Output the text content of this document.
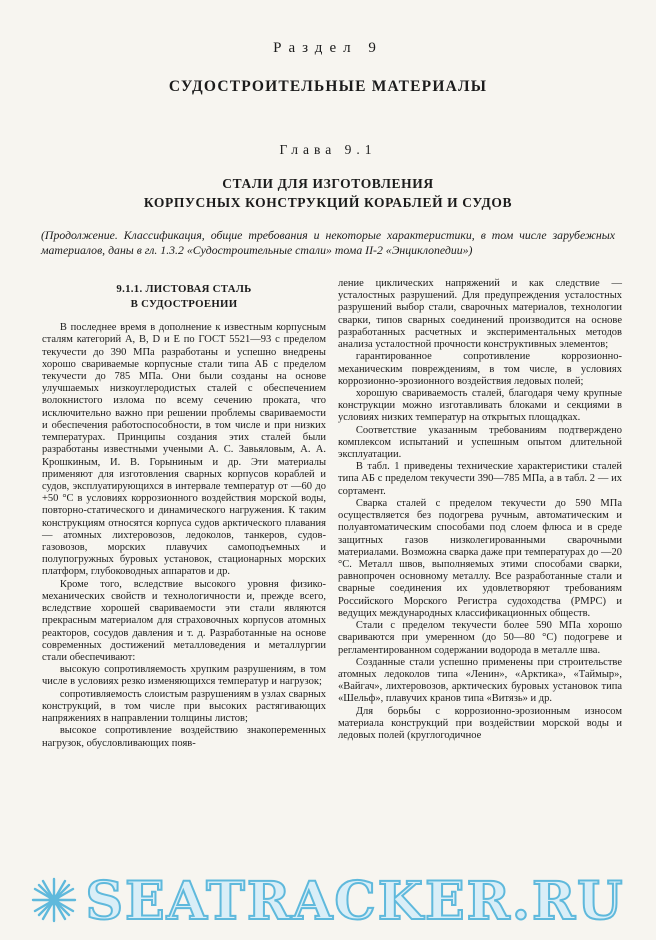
Раздел 9
СУДОСТРОИТЕЛЬНЫЕ МАТЕРИАЛЫ
Глава 9.1
СТАЛИ ДЛЯ ИЗГОТОВЛЕНИЯ
КОРПУСНЫХ КОНСТРУКЦИЙ КОРАБЛЕЙ И СУДОВ

(Продолжение. Классификация, общие требования и некоторые характеристики, в том числе зарубежных материалов, даны в гл. 1.3.2 «Судостроительные стали» тома II-2 «Энциклопедии»)

9.1.1. ЛИСТОВАЯ СТАЛЬ
В СУДОСТРОЕНИИ

В последнее время в дополнение к известным корпусным сталям категорий А, В, D и Е по ГОСТ 5521—93 с пределом текучести до 390 МПа разработаны и успешно внедрены хорошо свариваемые корпусные стали типа АБ с пределом текучести до 785 МПа. Они были созданы на основе улучшаемых низкоуглеродистых сталей с обеспечением волокнистого излома по всему сечению проката, что исключительно важно при решении проблемы свариваемости и обеспечения работоспособности, в том числе и при низких температурах. Принципы создания этих сталей были разработаны известными учеными А. С. Завьяловым, А. А. Крошкиным, И. В. Горыниным и др. Эти материалы применяют для изготовления сварных корпусов кораблей и судов, эксплуатирующихся в интервале температур от —60 до +50 °С в условиях коррозионного воздействия морской воды, повторно-статического и динамического нагружения. К таким конструкциям относятся корпуса судов арктического плавания — атомных лихтеровозов, ледоколов, танкеров, судов-газовозов, морских плавучих самоподъемных и полупогружных буровых установок, стационарных морских платформ, глубоководных аппаратов и др.

Кроме того, вследствие высокого уровня физико-механических свойств и технологичности и, прежде всего, вследствие хорошей свариваемости эти стали являются прекрасным материалом для страховочных корпусов атомных реакторов, сосудов давления и т. д. Разработанные на основе современных достижений металловедения и металлургии стали обеспечивают:

высокую сопротивляемость хрупким разрушениям, в том числе в условиях резко изменяющихся температур и нагрузок;

сопротивляемость слоистым разрушениям в узлах сварных конструкций, в том числе при высоких растягивающих напряжениях в направлении толщины листов;

высокое сопротивление воздействию знакопеременных нагрузок, обусловливающих появ-

ление циклических напряжений и как следствие — усталостных разрушений. Для предупреждения усталостных разрушений выбор стали, сварочных материалов, технологии сварки, типов сварных соединений производится на основе разработанных расчетных и экспериментальных методов анализа усталостной прочности конструктивных элементов;

гарантированное сопротивление коррозионно-механическим повреждениям, в том числе, в условиях коррозионно-эрозионного воздействия ледовых полей;

хорошую свариваемость сталей, благодаря чему крупные конструкции можно изготавливать блоками и секциями в условиях низких температур на открытых площадках.

Соответствие указанным требованиям подтверждено комплексом испытаний и успешным опытом длительной эксплуатации.

В табл. 1 приведены технические характеристики сталей типа АБ с пределом текучести 390—785 МПа, а в табл. 2 — их сортамент.

Сварка сталей с пределом текучести до 590 МПа осуществляется без подогрева ручным, автоматическим и полуавтоматическим способами под слоем флюса и в среде защитных газов низколегированными сварочными материалами. Возможна сварка даже при температурах до —20 °С. Металл швов, выполняемых этими способами сварки, равнопрочен основному металлу. Все разработанные стали и сварные соединения их удовлетворяют требованиям Российского Морского Регистра судоходства (РМРС) и ведущих международных классификационных обществ.

Стали с пределом текучести более 590 МПа хорошо свариваются при умеренном (до 50—80 °С) подогреве и регламентированном содержании водорода в металле шва.

Созданные стали успешно применены при строительстве атомных ледоколов типа «Ленин», «Арктика», «Таймыр», «Вайгач», лихтеровозов, арктических буровых установок типа «Шельф», плавучих кранов типа «Витязь» и др.

Для борьбы с коррозионно-эрозионным износом материала конструкций при воздействии морской воды и ледовых полей (круглогодичное

SEATRACKER.RU
